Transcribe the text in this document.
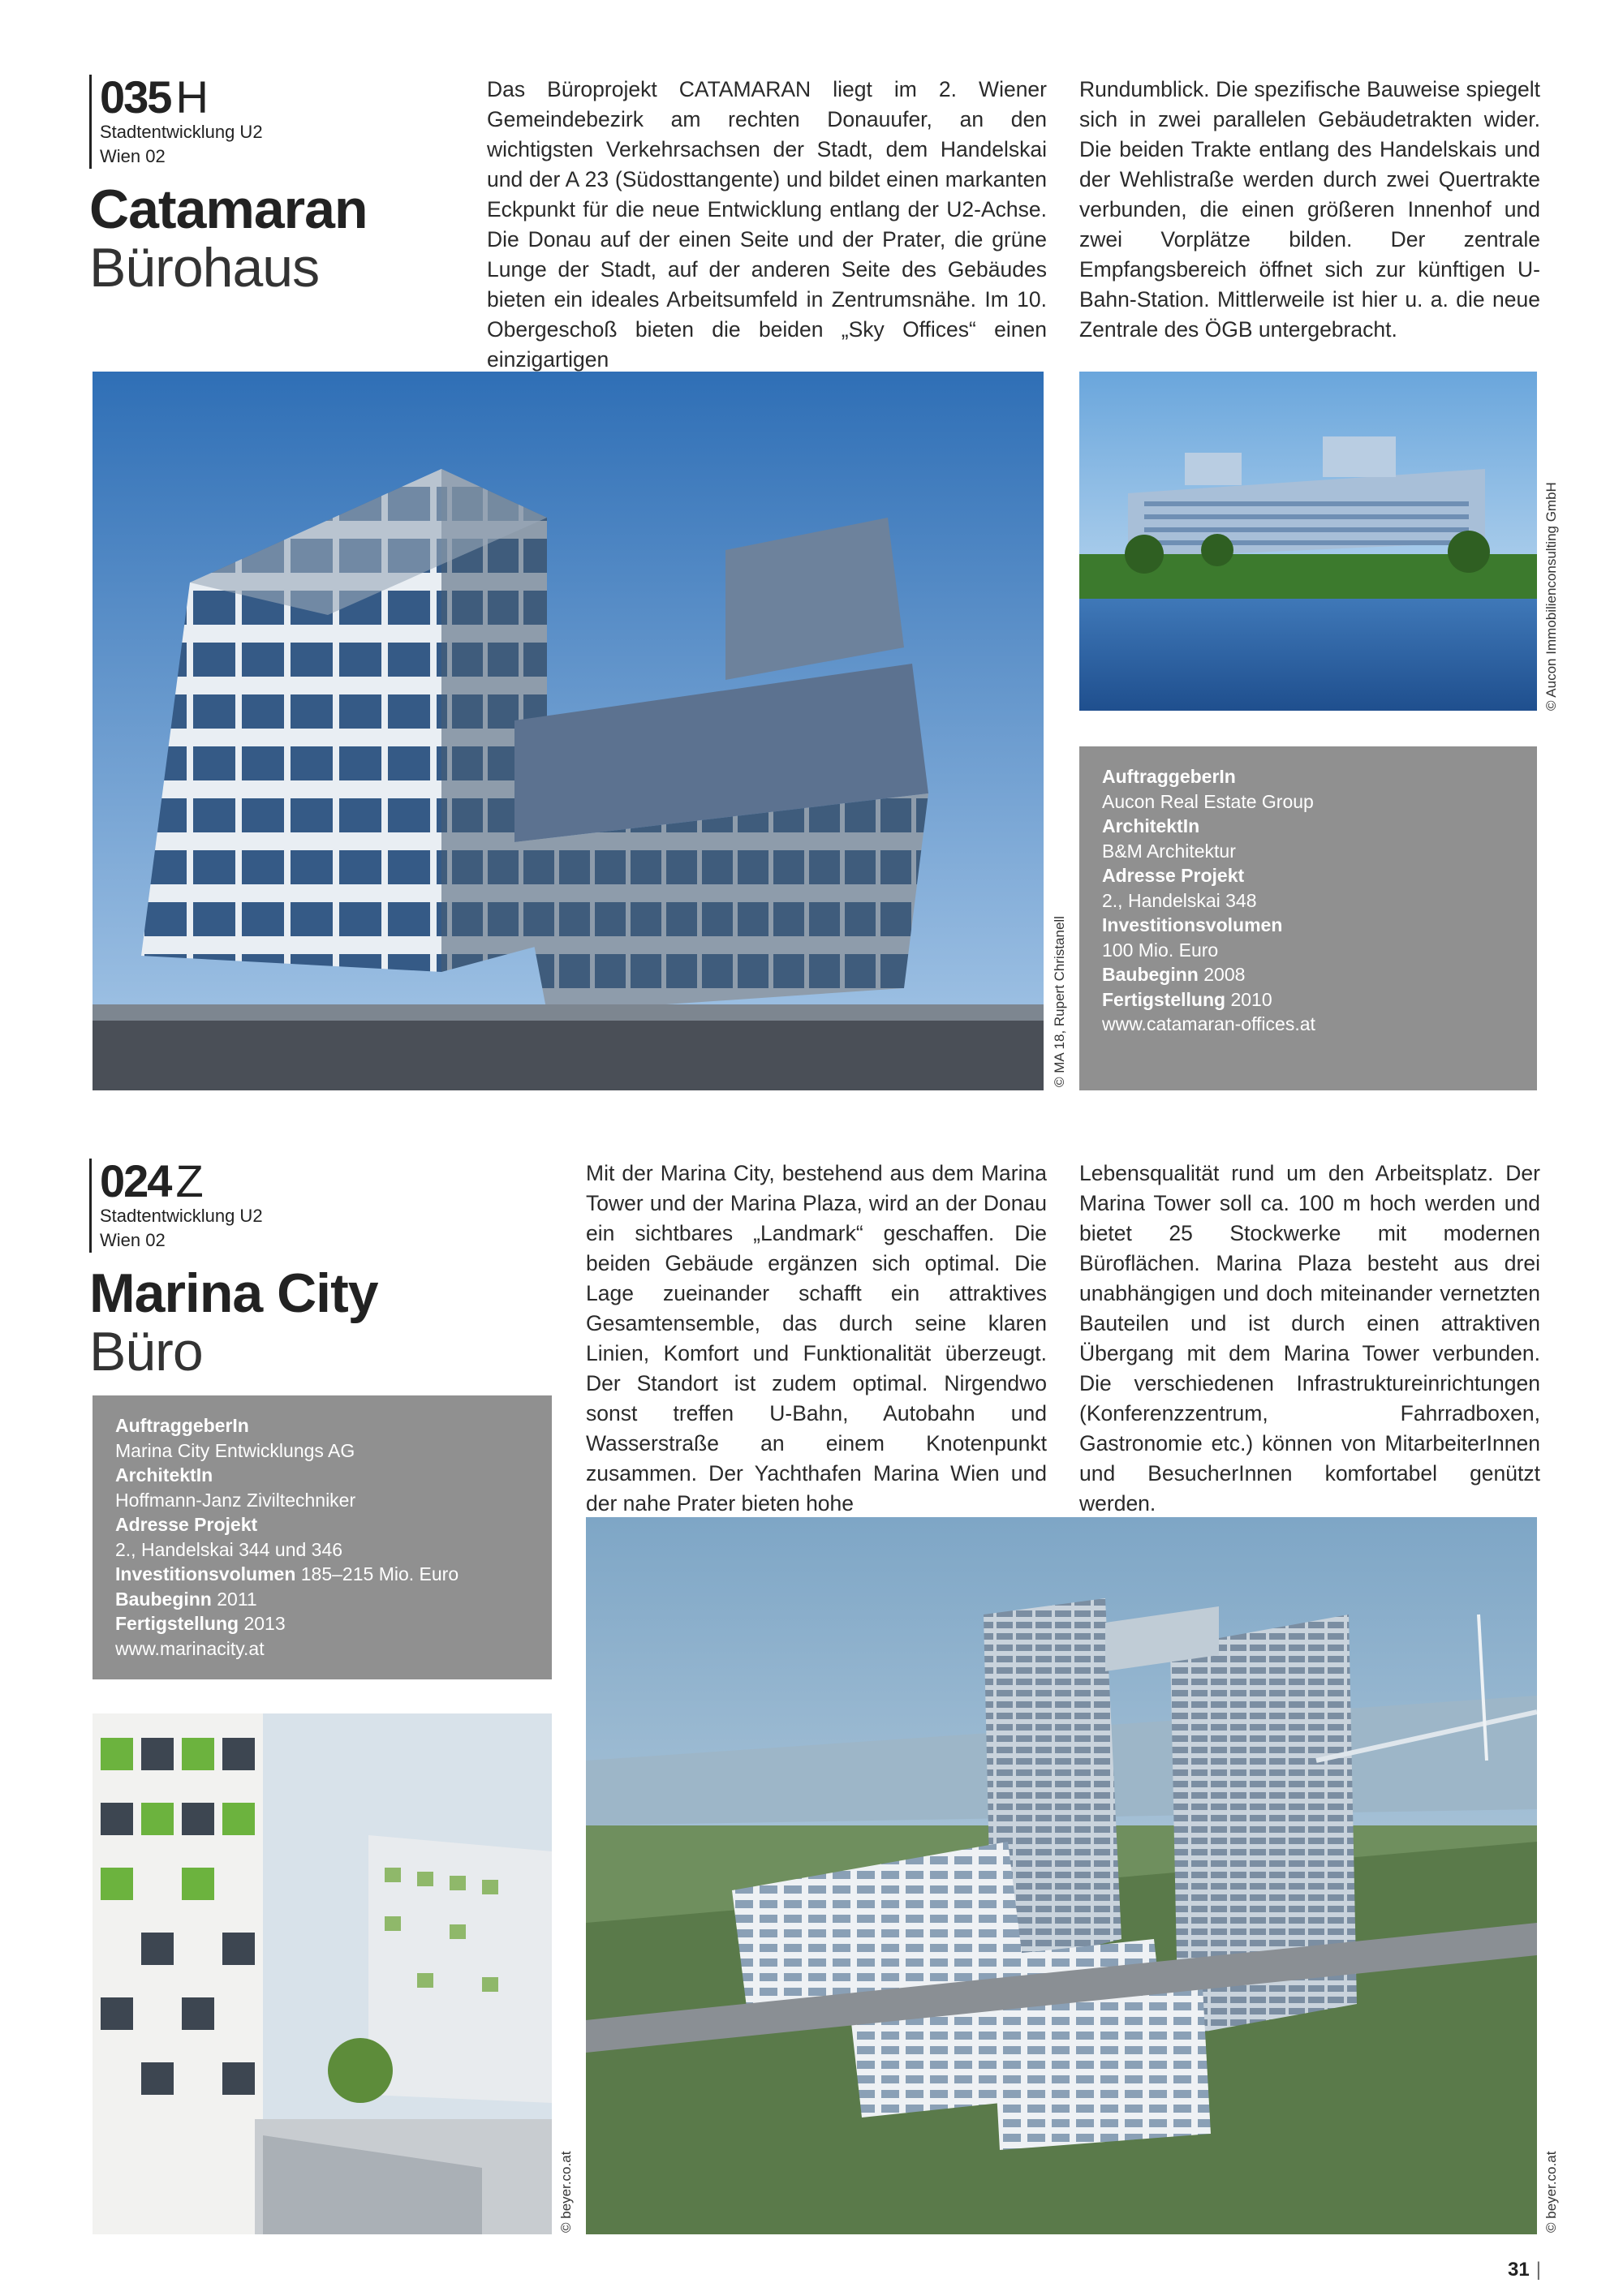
035 H
Stadtentwicklung U2
Wien 02
Catamaran
Bürohaus
Das Büroprojekt CATAMARAN liegt im 2. Wiener Gemeindebezirk am rechten Donauufer, an den wichtigsten Verkehrsachsen der Stadt, dem Handelskai und der A 23 (Südosttangente) und bildet einen markanten Eckpunkt für die neue Entwicklung entlang der U2-Achse. Die Donau auf der einen Seite und der Prater, die grüne Lunge der Stadt, auf der anderen Seite des Gebäudes bieten ein ideales Arbeitsumfeld in Zentrumsnähe. Im 10. Obergeschoß bieten die beiden „Sky Offices“ einen einzigartigen
Rundumblick. Die spezifische Bauweise spiegelt sich in zwei parallelen Gebäudetrakten wider. Die beiden Trakte entlang des Handelskais und der Wehlistraße werden durch zwei Quertrakte verbunden, die einen größeren Innenhof und zwei Vorplätze bilden. Der zentrale Empfangsbereich öffnet sich zur künftigen U-Bahn-Station. Mittlerweile ist hier u. a. die neue Zentrale des ÖGB untergebracht.
© MA 18, Rupert Christanell
© Aucon Immobilienconsulting GmbH
AuftraggeberIn
Aucon Real Estate Group
ArchitektIn
B&M Architektur
Adresse Projekt
2., Handelskai 348
Investitionsvolumen
100 Mio. Euro
Baubeginn 2008
Fertigstellung 2010
www.catamaran-offices.at
024 Z
Stadtentwicklung U2
Wien 02
Marina City
Büro
AuftraggeberIn
Marina City Entwicklungs AG
ArchitektIn
Hoffmann-Janz Ziviltechniker
Adresse Projekt
2., Handelskai 344 und 346
Investitionsvolumen 185–215 Mio. Euro
Baubeginn 2011
Fertigstellung 2013
www.marinacity.at
Mit der Marina City, bestehend aus dem Marina Tower und der Marina Plaza, wird an der Donau ein sichtbares „Landmark“ geschaffen. Die beiden Gebäude ergänzen sich optimal. Die Lage zueinander schafft ein attraktives Gesamtensemble, das durch seine klaren Linien, Komfort und Funktionalität überzeugt. Der Standort ist zudem optimal. Nirgendwo sonst treffen U-Bahn, Autobahn und Wasserstraße an einem Knotenpunkt zusammen. Der Yachthafen Marina Wien und der nahe Prater bieten hohe
Lebensqualität rund um den Arbeitsplatz. Der Marina Tower soll ca. 100 m hoch werden und bietet 25 Stockwerke mit modernen Büroflächen. Marina Plaza besteht aus drei unabhängigen und doch miteinander vernetzten Bauteilen und ist durch einen attraktiven Übergang mit dem Marina Tower verbunden. Die verschiedenen Infrastruktureinrichtungen (Konferenzzentrum, Fahrradboxen, Gastronomie etc.) können von MitarbeiterInnen und BesucherInnen komfortabel genützt werden.
© beyer.co.at	© beyer.co.at
31 |
